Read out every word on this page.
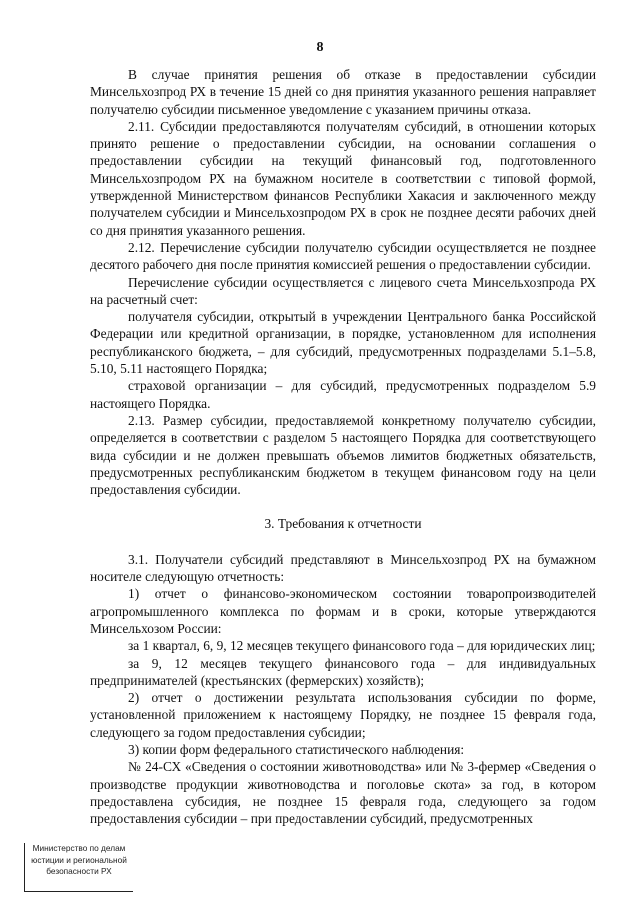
8

В случае принятия решения об отказе в предоставлении субсидии Минсельхозпрод РХ в течение 15 дней со дня принятия указанного решения направляет получателю субсидии письменное уведомление с указанием причины отказа.

2.11. Субсидии предоставляются получателям субсидий, в отношении которых принято решение о предоставлении субсидии, на основании соглашения о предоставлении субсидии на текущий финансовый год, подготовленного Минсельхозпродом РХ на бумажном носителе в соответствии с типовой формой, утвержденной Министерством финансов Республики Хакасия и заключенного между получателем субсидии и Минсельхозпродом РХ в срок не позднее десяти рабочих дней со дня принятия указанного решения.

2.12. Перечисление субсидии получателю субсидии осуществляется не позднее десятого рабочего дня после принятия комиссией решения о предоставлении субсидии.

Перечисление субсидии осуществляется с лицевого счета Минсельхозпрода РХ на расчетный счет:

получателя субсидии, открытый в учреждении Центрального банка Российской Федерации или кредитной организации, в порядке, установленном для исполнения республиканского бюджета, – для субсидий, предусмотренных подразделами 5.1–5.8, 5.10, 5.11 настоящего Порядка;

страховой организации – для субсидий, предусмотренных подразделом 5.9 настоящего Порядка.

2.13. Размер субсидии, предоставляемой конкретному получателю субсидии, определяется в соответствии с разделом 5 настоящего Порядка для соответствующего вида субсидии и не должен превышать объемов лимитов бюджетных обязательств, предусмотренных республиканским бюджетом в текущем финансовом году на цели предоставления субсидии.

3. Требования к отчетности

3.1. Получатели субсидий представляют в Минсельхозпрод РХ на бумажном носителе следующую отчетность:

1) отчет о финансово-экономическом состоянии товаропроизводителей агропромышленного комплекса по формам и в сроки, которые утверждаются Минсельхозом России:

за 1 квартал, 6, 9, 12 месяцев текущего финансового года – для юридических лиц;

за 9, 12 месяцев текущего финансового года – для индивидуальных предпринимателей (крестьянских (фермерских) хозяйств);

2) отчет о достижении результата использования субсидии по форме, установленной приложением к настоящему Порядку, не позднее 15 февраля года, следующего за годом предоставления субсидии;

3) копии форм федерального статистического наблюдения:

№ 24-СХ «Сведения о состоянии животноводства» или № 3-фермер «Сведения о производстве продукции животноводства и поголовье скота» за год, в котором предоставлена субсидия, не позднее 15 февраля года, следующего за годом предоставления субсидии – при предоставлении субсидий, предусмотренных

Министерство по делам
юстиции и региональной
безопасности РХ
